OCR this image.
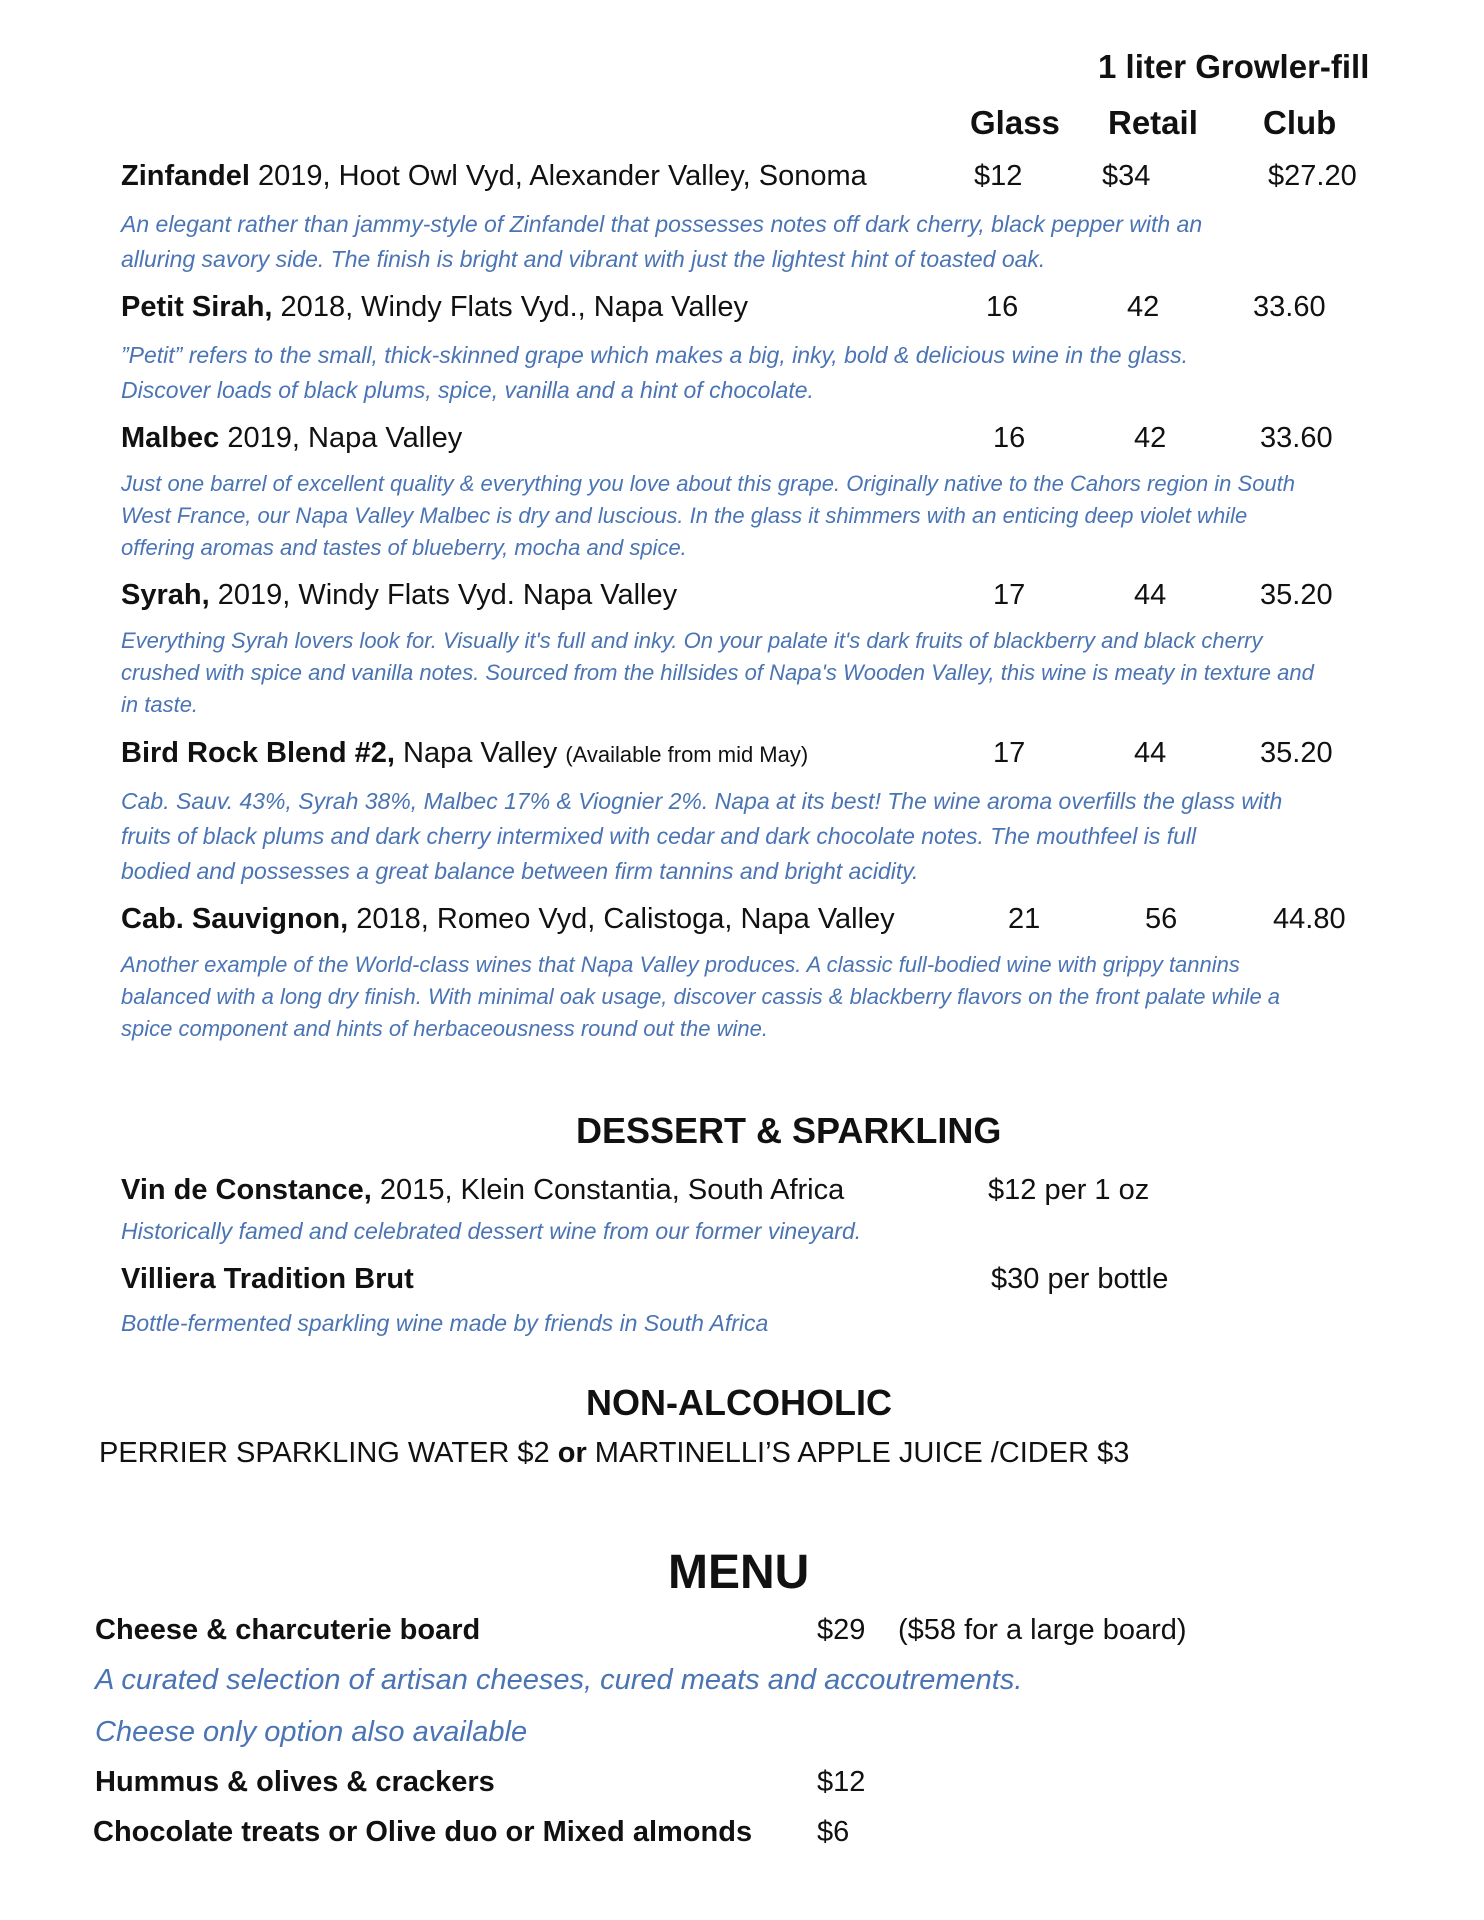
1 liter Growler-fill
Glass Retail Club
Zinfandel 2019, Hoot Owl Vyd, Alexander Valley, Sonoma	$12	$34	$27.20
An elegant rather than jammy-style of Zinfandel that possesses notes off dark cherry, black pepper with an
alluring savory side. The finish is bright and vibrant with just the lightest hint of toasted oak.
Petit Sirah, 2018, Windy Flats Vyd., Napa Valley	16	42	33.60
”Petit” refers to the small, thick-skinned grape which makes a big, inky, bold & delicious wine in the glass.
Discover loads of black plums, spice, vanilla and a hint of chocolate.
Malbec 2019, Napa Valley	16	42	33.60
Just one barrel of excellent quality & everything you love about this grape. Originally native to the Cahors region in South
West France, our Napa Valley Malbec is dry and luscious. In the glass it shimmers with an enticing deep violet while
offering aromas and tastes of blueberry, mocha and spice.
Syrah, 2019, Windy Flats Vyd. Napa Valley	17	44	35.20
Everything Syrah lovers look for. Visually it's full and inky. On your palate it's dark fruits of blackberry and black cherry
crushed with spice and vanilla notes. Sourced from the hillsides of Napa's Wooden Valley, this wine is meaty in texture and
in taste.
Bird Rock Blend #2, Napa Valley (Available from mid May)	17	44	35.20
Cab. Sauv. 43%, Syrah 38%, Malbec 17% & Viognier 2%. Napa at its best! The wine aroma overfills the glass with
fruits of black plums and dark cherry intermixed with cedar and dark chocolate notes. The mouthfeel is full
bodied and possesses a great balance between firm tannins and bright acidity.
Cab. Sauvignon, 2018, Romeo Vyd, Calistoga, Napa Valley	21	56	44.80
Another example of the World-class wines that Napa Valley produces. A classic full-bodied wine with grippy tannins
balanced with a long dry finish. With minimal oak usage, discover cassis & blackberry flavors on the front palate while a
spice component and hints of herbaceousness round out the wine.
DESSERT & SPARKLING
Vin de Constance, 2015, Klein Constantia, South Africa	$12 per 1 oz
Historically famed and celebrated dessert wine from our former vineyard.
Villiera Tradition Brut	$30 per bottle
Bottle-fermented sparkling wine made by friends in South Africa
NON-ALCOHOLIC
PERRIER SPARKLING WATER $2 or MARTINELLI’S APPLE JUICE /CIDER $3
MENU
Cheese & charcuterie board	$29 ($58 for a large board)
A curated selection of artisan cheeses, cured meats and accoutrements.
Cheese only option also available
Hummus & olives & crackers	$12
Chocolate treats or Olive duo or Mixed almonds $6
